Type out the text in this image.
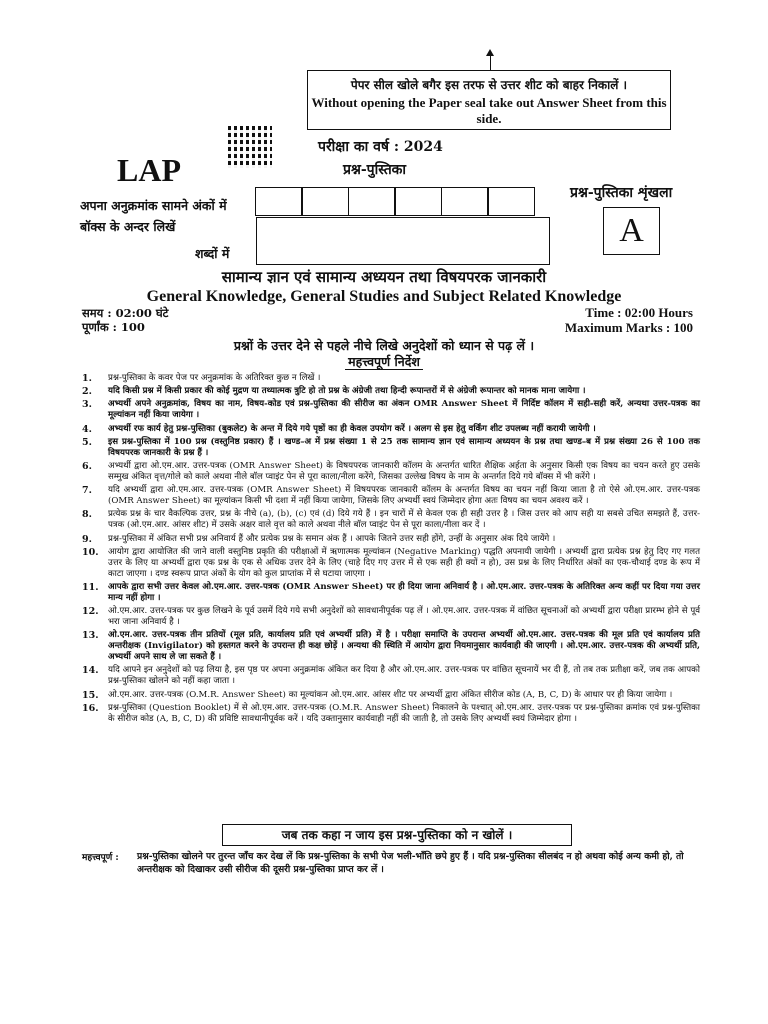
पेपर सील खोले बगैर इस तरफ से उत्तर शीट को बाहर निकालें ।
Without opening the Paper seal take out Answer Sheet from this side.
LAP
परीक्षा का वर्ष : 2024
प्रश्न-पुस्तिका
अपना अनुक्रमांक सामने अंकों में बॉक्स के अन्दर लिखें
शब्दों में
प्रश्न-पुस्तिका शृंखला
A
सामान्य ज्ञान एवं सामान्य अध्ययन तथा विषयपरक जानकारी
General Knowledge, General Studies and Subject Related Knowledge
समय : 02:00 घंटे
पूर्णांक : 100
Time : 02:00 Hours
Maximum Marks : 100
प्रश्नों के उत्तर देने से पहले नीचे लिखे अनुदेशों को ध्यान से पढ़ लें ।
महत्त्वपूर्ण निर्देश
1.	प्रश्न-पुस्तिका के कवर पेज पर अनुक्रमांक के अतिरिक्त कुछ न लिखें ।
2.	यदि किसी प्रश्न में किसी प्रकार की कोई मुद्रण या तथ्यात्मक त्रुटि हो तो प्रश्न के अंग्रेजी तथा हिन्दी रूपान्तरों में से अंग्रेजी रूपान्तर को मानक माना जायेगा ।
3.	अभ्यर्थी अपने अनुक्रमांक, विषय का नाम, विषय-कोड एवं प्रश्न-पुस्तिका की सीरीज का अंकन OMR Answer Sheet में निर्दिष्ट कॉलम में सही-सही करें, अन्यथा उत्तर-पत्रक का मूल्यांकन नहीं किया जायेगा ।
4.	अभ्यर्थी रफ कार्य हेतु प्रश्न-पुस्तिका (बुकलेट) के अन्त में दिये गये पृष्ठों का ही केवल उपयोग करें । अलग से इस हेतु वर्किंग शीट उपलब्ध नहीं करायी जायेगी ।
5.	इस प्रश्न-पुस्तिका में 100 प्रश्न (वस्तुनिष्ठ प्रकार) हैं । खण्ड–अ में प्रश्न संख्या 1 से 25 तक सामान्य ज्ञान एवं सामान्य अध्ययन के प्रश्न तथा खण्ड–ब में प्रश्न संख्या 26 से 100 तक विषयपरक जानकारी के प्रश्न हैं ।
6.	अभ्यर्थी द्वारा ओ.एम.आर. उत्तर-पत्रक (OMR Answer Sheet) के विषयपरक जानकारी कॉलम के अन्तर्गत धारित शैक्षिक अर्हता के अनुसार किसी एक विषय का चयन करते हुए उसके सम्मुख अंकित वृत्त/गोले को काले अथवा नीले बॉल प्वाइंट पेन से पूरा काला/नीला करेंगे, जिसका उल्लेख विषय के नाम के अन्तर्गत दिये गये बॉक्स में भी करेंगे ।
7.	यदि अभ्यर्थी द्वारा ओ.एम.आर. उत्तर-पत्रक (OMR Answer Sheet) में विषयपरक जानकारी कॉलम के अन्तर्गत विषय का चयन नहीं किया जाता है तो ऐसे ओ.एम.आर. उत्तर-पत्रक (OMR Answer Sheet) का मूल्यांकन किसी भी दशा में नहीं किया जायेगा, जिसके लिए अभ्यर्थी स्वयं जिम्मेदार होगा अतः विषय का चयन अवश्य करें ।
8.	प्रत्येक प्रश्न के चार वैकल्पिक उत्तर, प्रश्न के नीचे (a), (b), (c) एवं (d) दिये गये हैं । इन चारों में से केवल एक ही सही उत्तर है । जिस उत्तर को आप सही या सबसे उचित समझते हैं, उत्तर-पत्रक (ओ.एम.आर. आंसर शीट) में उसके अक्षर वाले वृत्त को काले अथवा नीले बॉल प्वाइंट पेन से पूरा काला/नीला कर दें ।
9.	प्रश्न-पुस्तिका में अंकित सभी प्रश्न अनिवार्य हैं और प्रत्येक प्रश्न के समान अंक हैं । आपके जितने उत्तर सही होंगे, उन्हीं के अनुसार अंक दिये जायेंगे ।
10.	आयोग द्वारा आयोजित की जाने वाली वस्तुनिष्ठ प्रकृति की परीक्षाओं में ऋणात्मक मूल्यांकन (Negative Marking) पद्धति अपनायी जायेगी । अभ्यर्थी द्वारा प्रत्येक प्रश्न हेतु दिए गए गलत उत्तर के लिए या अभ्यर्थी द्वारा एक प्रश्न के एक से अधिक उत्तर देने के लिए (चाहे दिए गए उत्तर में से एक सही ही क्यों न हो), उस प्रश्न के लिए निर्धारित अंकों का एक-चौथाई दण्ड के रूप में काटा जाएगा । दण्ड स्वरूप प्राप्त अंकों के योग को कुल प्राप्तांक में से घटाया जाएगा ।
11.	आपके द्वारा सभी उत्तर केवल ओ.एम.आर. उत्तर-पत्रक (OMR Answer Sheet) पर ही दिया जाना अनिवार्य है । ओ.एम.आर. उत्तर-पत्रक के अतिरिक्त अन्य कहीं पर दिया गया उत्तर मान्य नहीं होगा ।
12.	ओ.एम.आर. उत्तर-पत्रक पर कुछ लिखने के पूर्व उसमें दिये गये सभी अनुदेशों को सावधानीपूर्वक पढ़ लें । ओ.एम.आर. उत्तर-पत्रक में वांछित सूचनाओं को अभ्यर्थी द्वारा परीक्षा प्रारम्भ होने से पूर्व भरा जाना अनिवार्य है ।
13.	ओ.एम.आर. उत्तर-पत्रक तीन प्रतियों (मूल प्रति, कार्यालय प्रति एवं अभ्यर्थी प्रति) में है । परीक्षा समाप्ति के उपरान्त अभ्यर्थी ओ.एम.आर. उत्तर-पत्रक की मूल प्रति एवं कार्यालय प्रति अन्तरीक्षक (Invigilator) को हस्तगत करने के उपरान्त ही कक्ष छोड़ें । अन्यथा की स्थिति में आयोग द्वारा नियमानुसार कार्यवाही की जाएगी । ओ.एम.आर. उत्तर-पत्रक की अभ्यर्थी प्रति, अभ्यर्थी अपने साथ ले जा सकते हैं ।
14.	यदि आपने इन अनुदेशों को पढ़ लिया है, इस पृष्ठ पर अपना अनुक्रमांक अंकित कर दिया है और ओ.एम.आर. उत्तर-पत्रक पर वांछित सूचनायें भर दी हैं, तो तब तक प्रतीक्षा करें, जब तक आपको प्रश्न-पुस्तिका खोलने को नहीं कहा जाता ।
15.	ओ.एम.आर. उत्तर-पत्रक (O.M.R. Answer Sheet) का मूल्यांकन ओ.एम.आर. आंसर शीट पर अभ्यर्थी द्वारा अंकित सीरीज कोड (A, B, C, D) के आधार पर ही किया जायेगा ।
16.	प्रश्न-पुस्तिका (Question Booklet) में से ओ.एम.आर. उत्तर-पत्रक (O.M.R. Answer Sheet) निकालने के पश्चात् ओ.एम.आर. उत्तर-पत्रक पर प्रश्न-पुस्तिका क्रमांक एवं प्रश्न-पुस्तिका के सीरीज कोड (A, B, C, D) की प्रविष्टि सावधानीपूर्वक करें । यदि उक्तानुसार कार्यवाही नहीं की जाती है, तो उसके लिए अभ्यर्थी स्वयं जिम्मेदार होगा ।
जब तक कहा न जाय इस प्रश्न-पुस्तिका को न खोलें ।
महत्त्वपूर्ण : प्रश्न-पुस्तिका खोलने पर तुरन्त जाँच कर देख लें कि प्रश्न-पुस्तिका के सभी पेज भली-भाँति छपे हुए हैं । यदि प्रश्न-पुस्तिका सीलबंद न हो अथवा कोई अन्य कमी हो, तो अन्तरीक्षक को दिखाकर उसी सीरीज की दूसरी प्रश्न-पुस्तिका प्राप्त कर लें ।
